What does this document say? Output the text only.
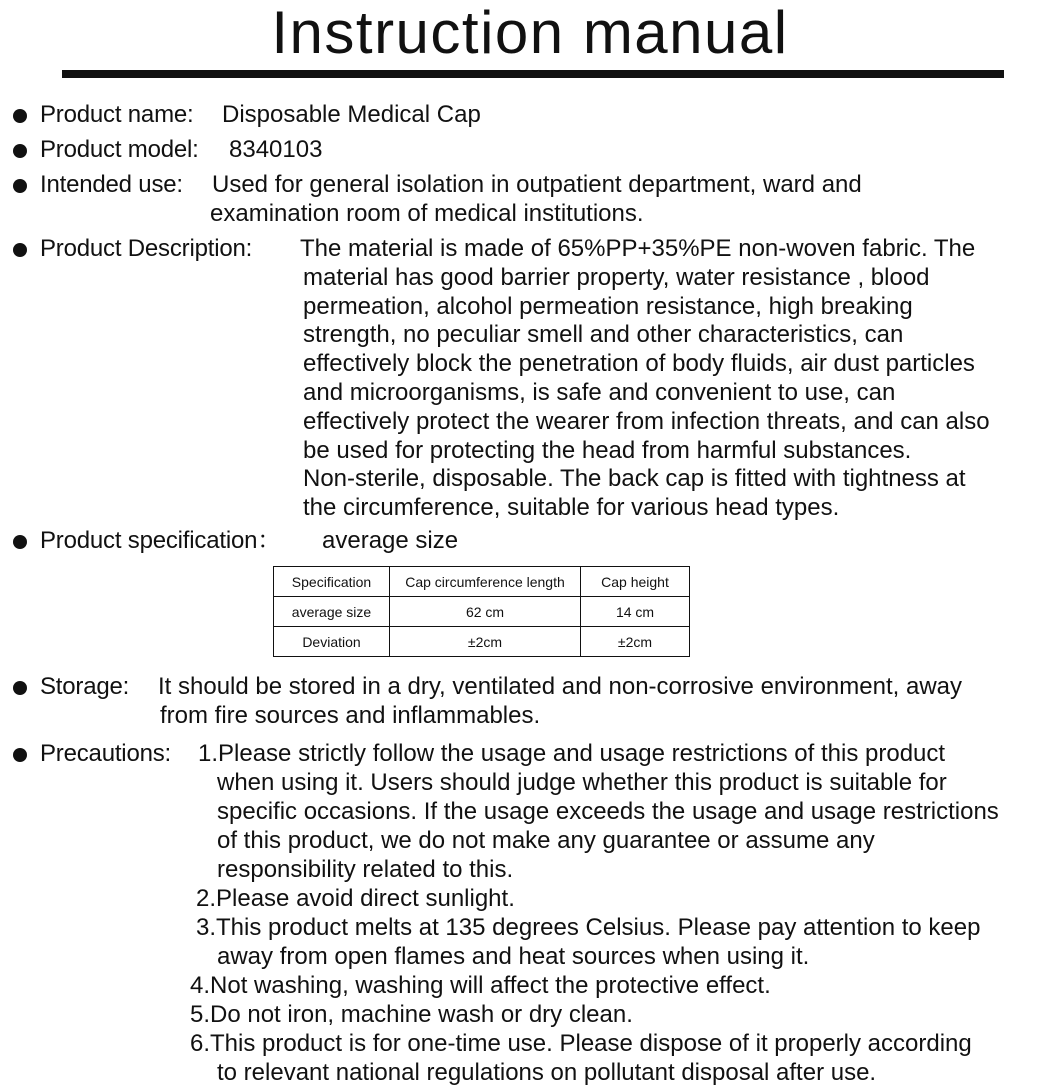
Instruction manual
Product name: Disposable Medical Cap
Product model: 8340103
Intended use: Used for general isolation in outpatient department, ward and
examination room of medical institutions.
Product Description: The material is made of 65%PP+35%PE non-woven fabric. The
material has good barrier property, water resistance , blood
permeation, alcohol permeation resistance, high breaking
strength, no peculiar smell and other characteristics, can
effectively block the penetration of body fluids, air dust particles
and microorganisms, is safe and convenient to use, can
effectively protect the wearer from infection threats, and can also
be used for protecting the head from harmful substances.
Non-sterile, disposable. The back cap is fitted with tightness at
the circumference, suitable for various head types.
Product specification： average size
Specification	Cap circumference length	Cap height
average size	62 cm	14 cm
Deviation	±2cm	±2cm
Storage: It should be stored in a dry, ventilated and non-corrosive environment, away
from fire sources and inflammables.
Precautions: 1.Please strictly follow the usage and usage restrictions of this product
when using it. Users should judge whether this product is suitable for
specific occasions. If the usage exceeds the usage and usage restrictions
of this product, we do not make any guarantee or assume any
responsibility related to this.
2.Please avoid direct sunlight.
3.This product melts at 135 degrees Celsius. Please pay attention to keep
away from open flames and heat sources when using it.
4.Not washing, washing will affect the protective effect.
5.Do not iron, machine wash or dry clean.
6.This product is for one-time use. Please dispose of it properly according
to relevant national regulations on pollutant disposal after use.
